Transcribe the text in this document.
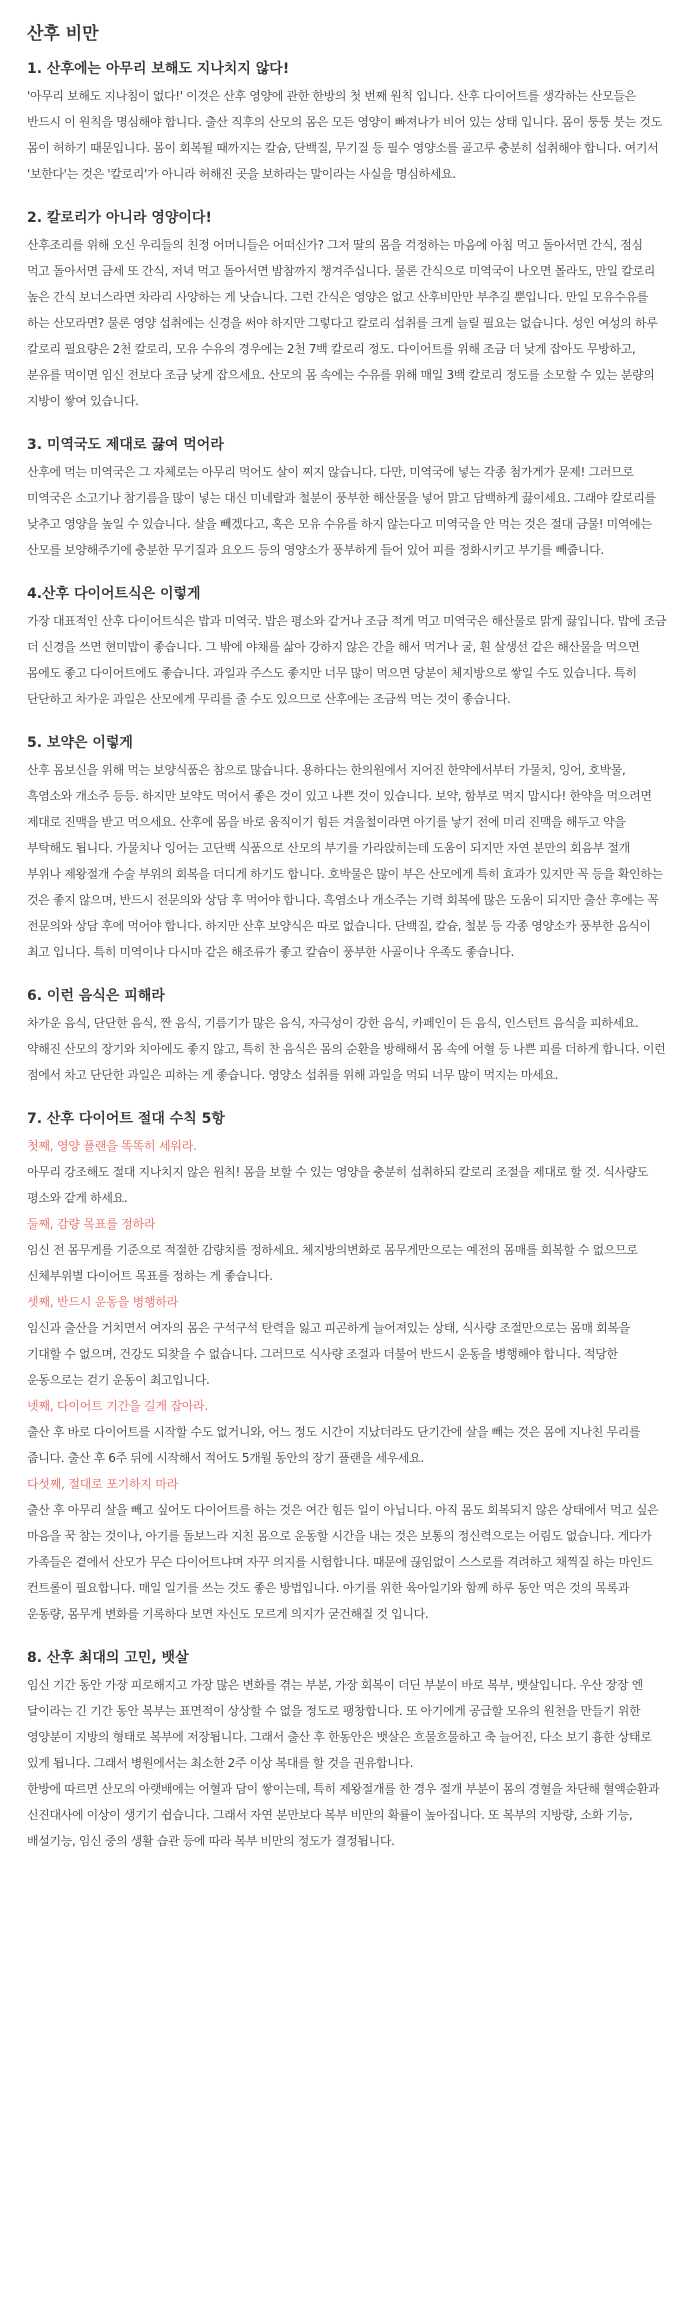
산후 비만
1. 산후에는 아무리 보해도 지나치지 않다!

'아무리 보해도 지나침이 없다!' 이것은 산후 영양에 관한 한방의 첫 번째 원칙 입니다. 산후 다이어트를 생각하는 산모들은 반드시 이 원칙을 명심해야 합니다. 출산 직후의 산모의 몸은 모든 영양이 빠져나가 비어 있는 상태 입니다. 몸이 퉁퉁 붓는 것도 몸이 허하기 때문입니다. 몸이 회복될 때까지는 칼슘, 단백질, 무기질 등 필수 영양소를 골고루 충분히 섭취해야 합니다. 여기서 '보한다'는 것은 '칼로리'가 아니라 허해진 곳을 보하라는 말이라는 사실을 명심하세요.

2. 칼로리가 아니라 영양이다!

산후조리를 위해 오신 우리들의 친정 어머니들은 어떠신가? 그저 딸의 몸을 걱정하는 마음에 아침 먹고 돌아서면 간식, 점심 먹고 돌아서면 금세 또 간식, 저녁 먹고 돌아서면 밤참까지 챙겨주십니다. 물론 간식으로 미역국이 나오면 몰라도, 만일 칼로리 높은 간식 보너스라면 차라리 사양하는 게 낫습니다. 그런 간식은 영양은 없고 산후비만만 부추길 뿐입니다. 만일 모유수유를 하는 산모라면? 물론 영양 섭취에는 신경을 써야 하지만 그렇다고 칼로리 섭취를 크게 늘릴 필요는 없습니다. 성인 여성의 하루 칼로리 필요량은 2천 칼로리, 모유 수유의 경우에는 2천 7백 칼로리 정도. 다이어트를 위해 조금 더 낮게 잡아도 무방하고, 분유를 먹이면 임신 전보다 조금 낮게 잡으세요. 산모의 몸 속에는 수유를 위해 매일 3백 칼로리 정도를 소모할 수 있는 분량의 지방이 쌓여 있습니다.

3. 미역국도 제대로 끓여 먹어라

산후에 먹는 미역국은 그 자체로는 아무리 먹어도 살이 찌지 않습니다. 다만, 미역국에 넣는 각종 첨가게가 문제! 그러므로 미역국은 소고기나 참기름을 많이 넣는 대신 미네랄과 철분이 풍부한 해산물을 넣어 맑고 담백하게 끓이세요. 그래야 칼로리를 낮추고 영양을 높일 수 있습니다. 살을 빼겠다고, 혹은 모유 수유를 하지 않는다고 미역국을 안 먹는 것은 절대 금물! 미역에는 산모를 보양해주기에 충분한 무기질과 요오드 등의 영양소가 풍부하게 들어 있어 피를 정화시키고 부기를 빼줍니다.

4.산후 다이어트식은 이렇게

가장 대표적인 산후 다이어트식은 밥과 미역국. 밥은 평소와 같거나 조금 적게 먹고 미역국은 해산물로 맑게 끓입니다. 밥에 조금 더 신경을 쓰면 현미밥이 좋습니다. 그 밖에 야채를 삶아 강하지 않은 간을 해서 먹거나 굴, 흰 살생선 같은 해산물을 먹으면 몸에도 좋고 다이어트에도 좋습니다. 과일과 주스도 좋지만 너무 많이 먹으면 당분이 체지방으로 쌓일 수도 있습니다. 특히 단단하고 차가운 과일은 산모에게 무리를 줄 수도 있으므로 산후에는 조금씩 먹는 것이 좋습니다.

5. 보약은 이렇게

산후 몸보신을 위해 먹는 보양식품은 참으로 많습니다. 용하다는 한의원에서 지어진 한약에서부터 가물치, 잉어, 호박물, 흑염소와 개소주 등등. 하지만 보약도 먹어서 좋은 것이 있고 나쁜 것이 있습니다. 보약, 함부로 먹지 맙시다! 한약을 먹으려면 제대로 진맥을 받고 먹으세요. 산후에 몸을 바로 움직이기 힘든 겨울철이라면 아기를 낳기 전에 미리 진맥을 해두고 약을 부탁해도 됩니다. 가물치나 잉어는 고단백 식품으로 산모의 부기를 가라앉히는데 도움이 되지만 자연 분만의 회음부 절개 부위나 제왕절개 수술 부위의 회복을 더디게 하기도 합니다. 호박물은 많이 부은 산모에게 특히 효과가 있지만 꼭 등을 확인하는 것은 좋지 않으며, 반드시 전문의와 상담 후 먹어야 합니다. 흑염소나 개소주는 기력 회복에 많은 도움이 되지만 출산 후에는 꼭 전문의와 상담 후에 먹어야 합니다. 하지만 산후 보양식은 따로 없습니다. 단백질, 칼슘, 철분 등 각종 영양소가 풍부한 음식이 최고 입니다. 특히 미역이나 다시마 같은 해조류가 좋고 칼슘이 풍부한 사골이나 우족도 좋습니다.

6. 이런 음식은 피해라

차가운 음식, 단단한 음식, 짠 음식, 기름기가 많은 음식, 자극성이 강한 음식, 카페인이 든 음식, 인스턴트 음식을 피하세요. 약해진 산모의 장기와 치아에도 좋지 않고, 특히 찬 음식은 몸의 순환을 방해해서 몸 속에 어혈 등 나쁜 피를 더하게 합니다. 이런 점에서 차고 단단한 과일은 피하는 게 좋습니다. 영양소 섭취를 위해 과일을 먹되 너무 많이 먹지는 마세요.

7. 산후 다이어트 절대 수칙 5항
첫째, 영양 플랜을 똑똑히 세워라.

아무리 강조해도 절대 지나치지 않은 원칙! 몸을 보할 수 있는 영양을 충분히 섭취하되 칼로리 조절을 제대로 할 것. 식사량도 평소와 같게 하세요.

둘째, 감량 목표를 정하라

임신 전 몸무게를 기준으로 적절한 감량치를 정하세요. 체지방의변화로 몸무게만으로는 예전의 몸매를 회복할 수 없으므로 신체부위별 다이어트 목표를 정하는 게 좋습니다.

셋째, 반드시 운동을 병행하라

임신과 출산을 거치면서 여자의 몸은 구석구석 탄력을 잃고 피곤하게 늘어져있는 상태, 식사량 조절만으로는 몸매 회복을 기대할 수 없으며, 건강도 되찾을 수 없습니다. 그러므로 식사량 조절과 더불어 반드시 운동을 병행해야 합니다. 적당한 운동으로는 걷기 운동이 최고입니다.

넷째, 다이어트 기간을 길게 잡아라.

출산 후 바로 다이어트를 시작할 수도 없거니와, 어느 정도 시간이 지났더라도 단기간에 살을 빼는 것은 몸에 지나친 무리를 줍니다. 출산 후 6주 뒤에 시작해서 적어도 5개월 동안의 장기 플랜을 세우세요.

다섯째, 절대로 포기하지 마라

출산 후 아무리 살을 빼고 싶어도 다이어트를 하는 것은 여간 힘든 일이 아닙니다. 아직 몸도 회복되지 않은 상태에서 먹고 싶은 마음을 꾹 참는 것이나, 아기를 돌보느라 지친 몸으로 운동할 시간을 내는 것은 보통의 정신력으로는 어림도 없습니다. 게다가 가족들은 곁에서 산모가 무슨 다이어트냐며 자꾸 의지를 시험합니다. 때문에 끊임없이 스스로를 격려하고 채찍질 하는 마인드 컨트롤이 필요합니다. 매일 일기를 쓰는 것도 좋은 방법입니다. 아기를 위한 육아일기와 함께 하루 동안 먹은 것의 목록과 운동량, 몸무게 변화를 기록하다 보면 자신도 모르게 의지가 굳건해질 것 입니다.

8. 산후 최대의 고민, 뱃살

임신 기간 동안 가장 피로해지고 가장 많은 변화를 겪는 부분, 가장 회복이 더딘 부분이 바로 복부, 뱃살입니다. 우산 장장 엔 달이라는 긴 기간 동안 복부는 표면적이 상상할 수 없을 정도로 팽창합니다. 또 아기에게 공급할 모유의 원천을 만들기 위한 영양분이 지방의 형태로 복부에 저장됩니다. 그래서 출산 후 한동안은 뱃살은 흐물흐물하고 축 늘어진, 다소 보기 흉한 상태로 있게 됩니다. 그래서 병원에서는 최소한 2주 이상 복대를 할 것을 권유합니다.

한방에 따르면 산모의 아랫배에는 어혈과 담이 쌓이는데, 특히 제왕절개를 한 경우 절개 부분이 몸의 경혈을 차단해 혈액순환과 신진대사에 이상이 생기기 쉽습니다. 그래서 자연 분만보다 복부 비만의 확률이 높아집니다. 또 복부의 지방량, 소화 기능, 배설기능, 임신 중의 생활 습관 등에 따라 복부 비만의 정도가 결정됩니다.
